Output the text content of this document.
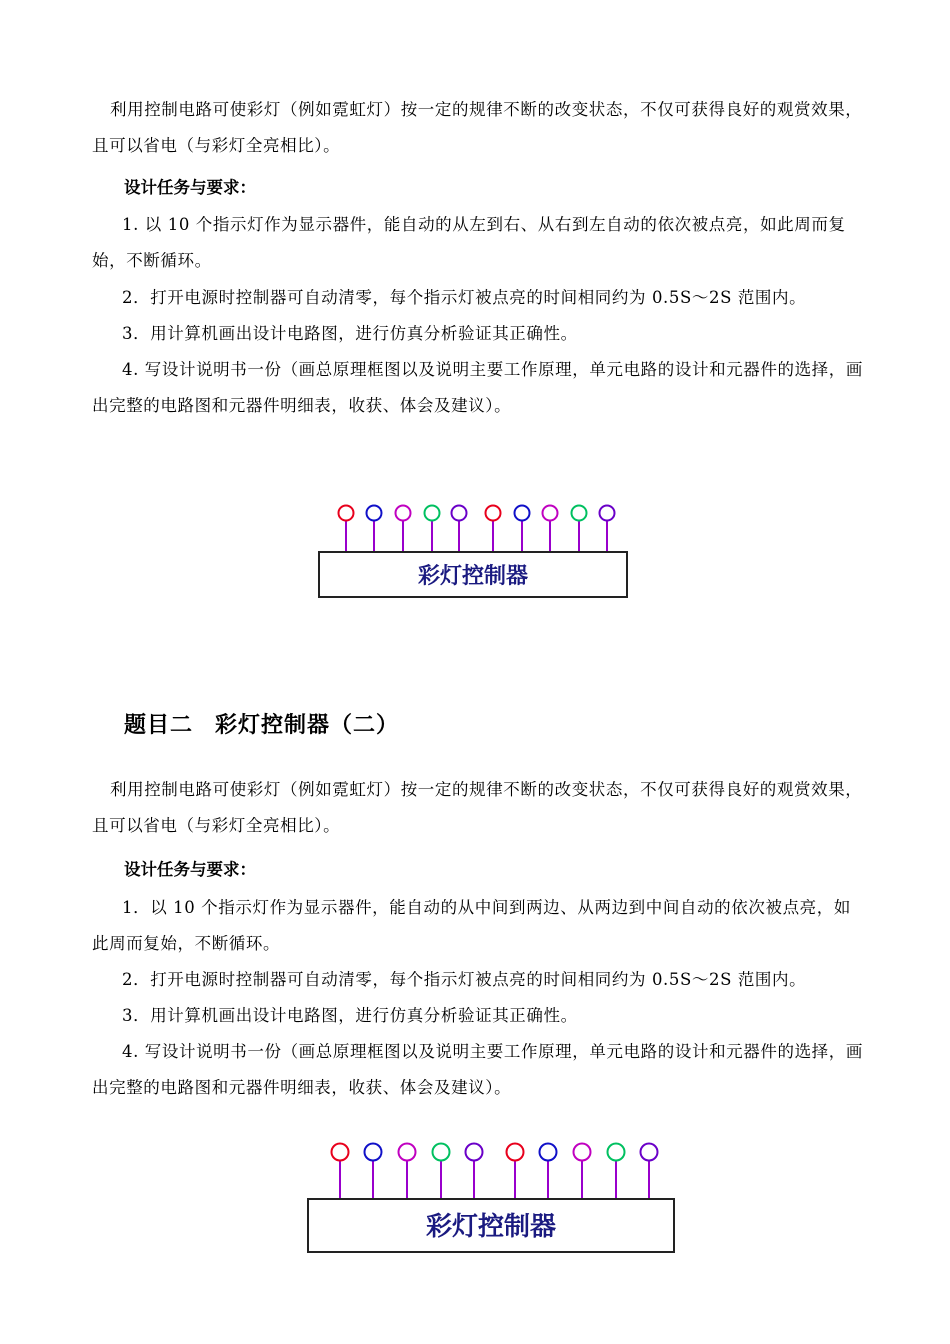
利用控制电路可使彩灯（例如霓虹灯）按一定的规律不断的改变状态，不仅可获得良好的观赏效果，且可以省电（与彩灯全亮相比）。

设计任务与要求：

1. 以 10 个指示灯作为显示器件，能自动的从左到右、从右到左自动的依次被点亮，如此周而复始，不断循环。

2．打开电源时控制器可自动清零，每个指示灯被点亮的时间相同约为 0.5S～2S 范围内。

3．用计算机画出设计电路图，进行仿真分析验证其正确性。

4. 写设计说明书一份（画总原理框图以及说明主要工作原理，单元电路的设计和元器件的选择，画出完整的电路图和元器件明细表，收获、体会及建议）。

彩灯控制器
题目二 彩灯控制器（二）

利用控制电路可使彩灯（例如霓虹灯）按一定的规律不断的改变状态，不仅可获得良好的观赏效果，且可以省电（与彩灯全亮相比）。

设计任务与要求：

1．以 10 个指示灯作为显示器件，能自动的从中间到两边、从两边到中间自动的依次被点亮，如此周而复始，不断循环。

2．打开电源时控制器可自动清零，每个指示灯被点亮的时间相同约为 0.5S～2S 范围内。

3．用计算机画出设计电路图，进行仿真分析验证其正确性。

4. 写设计说明书一份（画总原理框图以及说明主要工作原理，单元电路的设计和元器件的选择，画出完整的电路图和元器件明细表，收获、体会及建议）。

彩灯控制器
